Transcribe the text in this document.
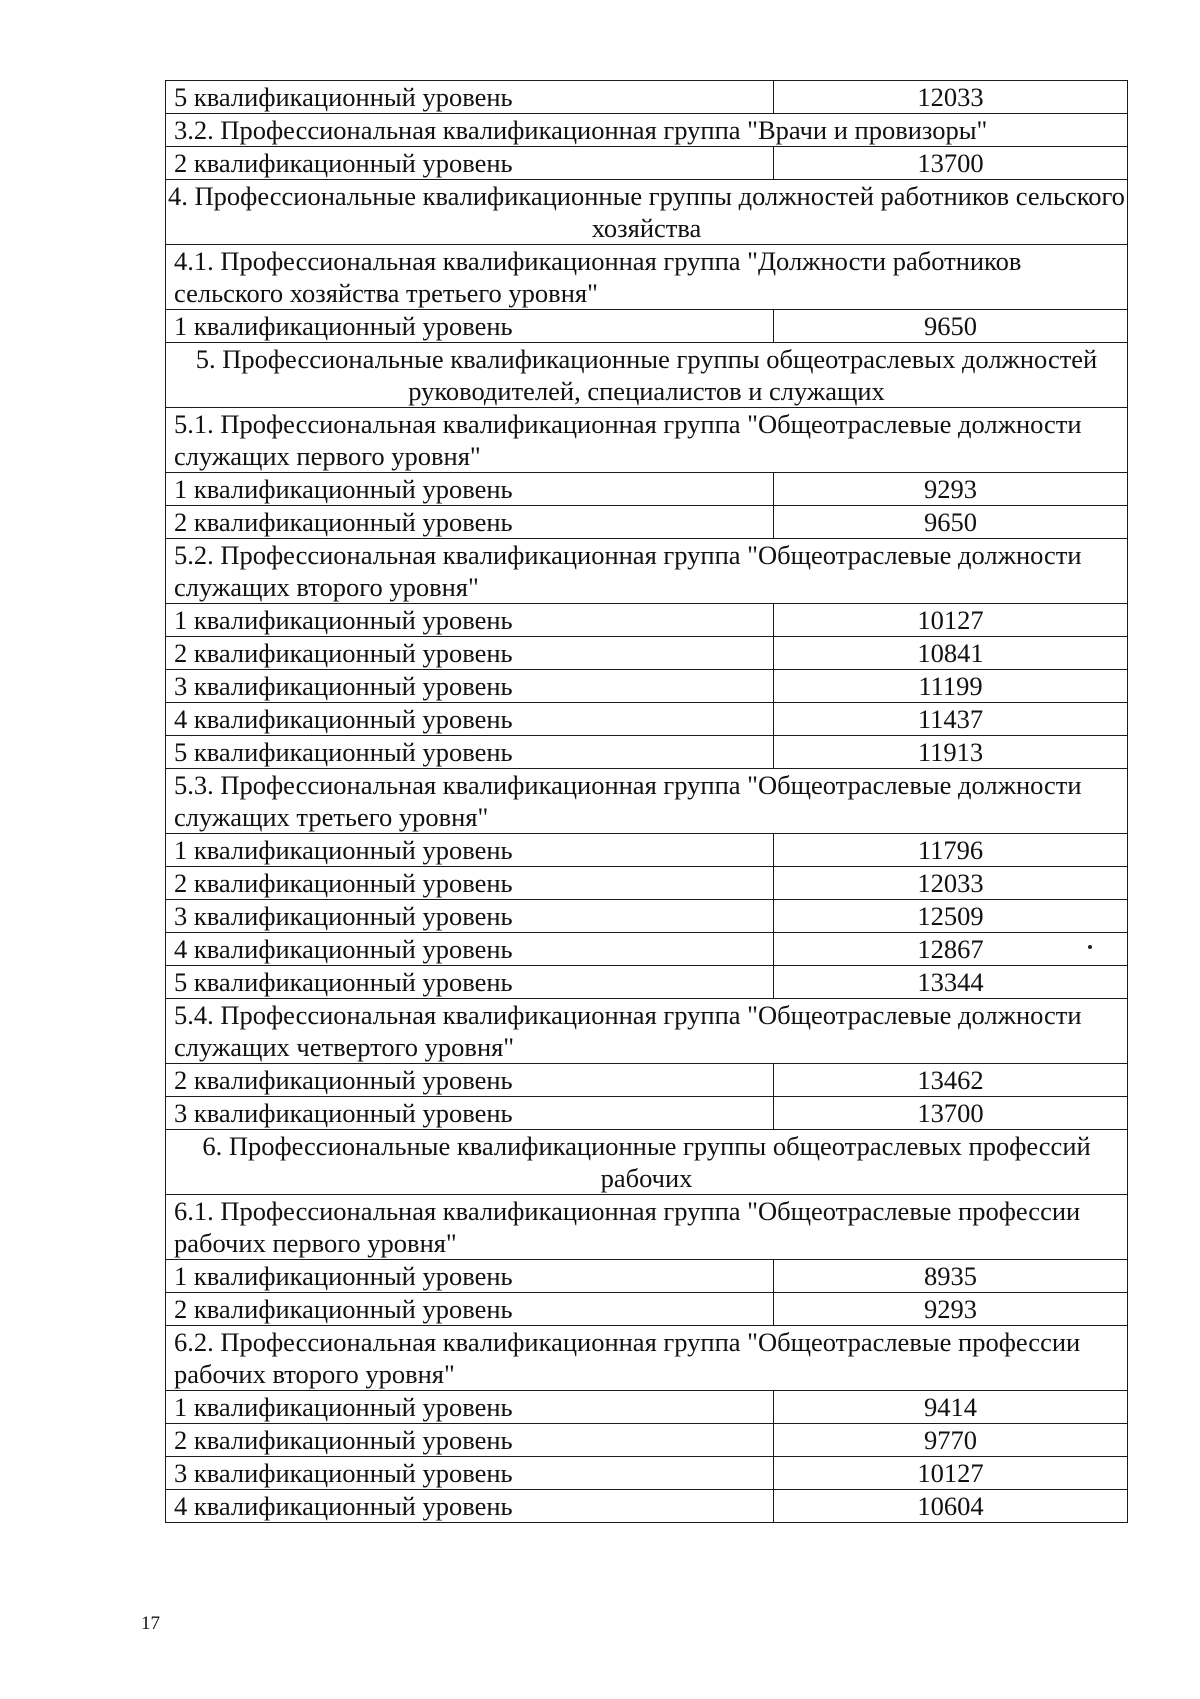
5 квалификационный уровень	12033
3.2. Профессиональная квалификационная группа "Врачи и провизоры"	
2 квалификационный уровень	13700
4. Профессиональные квалификационные группы должностей работников сельского хозяйства	
4.1. Профессиональная квалификационная группа "Должности работников сельского хозяйства третьего уровня"	
1 квалификационный уровень	9650
5. Профессиональные квалификационные группы общеотраслевых должностей руководителей, специалистов и служащих	
5.1. Профессиональная квалификационная группа "Общеотраслевые должности служащих первого уровня"	
1 квалификационный уровень	9293
2 квалификационный уровень	9650
5.2. Профессиональная квалификационная группа "Общеотраслевые должности служащих второго уровня"	
1 квалификационный уровень	10127
2 квалификационный уровень	10841
3 квалификационный уровень	11199
4 квалификационный уровень	11437
5 квалификационный уровень	11913
5.3. Профессиональная квалификационная группа "Общеотраслевые должности служащих третьего уровня"	
1 квалификационный уровень	11796
2 квалификационный уровень	12033
3 квалификационный уровень	12509
4 квалификационный уровень	12867
5 квалификационный уровень	13344
5.4. Профессиональная квалификационная группа "Общеотраслевые должности служащих четвертого уровня"	
2 квалификационный уровень	13462
3 квалификационный уровень	13700
6. Профессиональные квалификационные группы общеотраслевых профессий рабочих	
6.1. Профессиональная квалификационная группа "Общеотраслевые профессии рабочих первого уровня"	
1 квалификационный уровень	8935
2 квалификационный уровень	9293
6.2. Профессиональная квалификационная группа "Общеотраслевые профессии рабочих второго уровня"	
1 квалификационный уровень	9414
2 квалификационный уровень	9770
3 квалификационный уровень	10127
4 квалификационный уровень	10604
17
